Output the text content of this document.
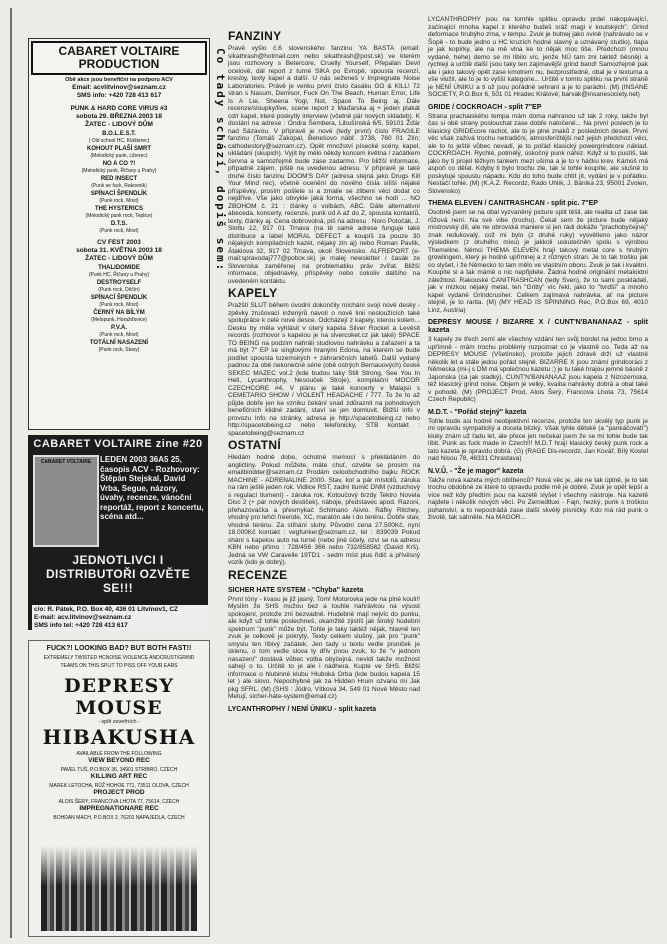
CABARET VOLTAIRE PRODUCTION
Obě akce jsou benefiční na podporu ACV
Email: acvlitvinov@seznam.cz
SMS info: +420 728 413 617
PUNK & HARD CORE VIRUS #3
sobota 29. BŘEZNA 2003 18
ŽATEC - LIDOVÝ DŮM
B.O.L.E.S.T.
( Old school HC, Klášterec)
KOHOUT PLAŠÍ SMRT
(Melodický punk, Liberec)
NO A CO ?!
(Melodický punk, Říčany u Prahy)
RED INSECT
(Punk se fuck, Rakovník)
SPÍNACÍ ŠPENDLÍK
(Punk rock, Most)
THE HYSTERICS
(Melodický punk rock, Teplice)
D.T.S.
(Punk rock, Most)
CV FEST 2003
sobota 31. KVĚTNA 2003 18
ŽATEC - LIDOVÝ DŮM
THALIDOMIDE
(Punk HC, Říčany u Prahy)
DESTROYSELF
(Punk rock, Děčín)
SPÍNACÍ ŠPENDLÍK
(Punk rock, Most)
ČERNÝ NA BÍLÝM
(Melopunk, Horažďovice)
P.V.A.
(Punk rock, Most)
TOTÁLNÍ NASAZENÍ
(Punk rock, Stavy)
CABARET VOLTAIRE zine #20
CABARET VOLTAIRE	LEDEN 2003 36A5 25, časopis ACV - Rozhovory: Štěpán Stejskal, David Vrba, Segue, názory, úvahy, recenze, vánoční reportáž, report z koncertu, scéna atd...
JEDNOTLIVCI I DISTRIBUTOŘI OZVĚTE SE!!!
c/o: R. Pátek, P.O. Box 40, 436 01 Litvínov1, CZ
E-mail: acv.litvinov@seznam.cz
SMS info tel: +420 728 413 617
FUCK?! LOOKING BAD? BUT BOTH FAST!!
EXTREMELY TWISTED HCNOISE VIOLENCE ANDCRUST/GRIND
TEAMS ON THIS SPLIT TO PISS OFF YOUR EARS
DEPRESY MOUSE
- split zeveřních -
HIBAKUSHA
AVAILABLE FROM THE FOLLOWING
VIEW BEYOND REC
PAVEL TUŠ, P.O.BOX 36, 34901 STRIBRO, CZECH
KILLING ART REC
MAREK LETOCHA, RŮŽ HOHOE 771, 73511 OLDVA, CZECH
PROJECT PROD
ALOIS ŠERÝ, FRANCOVA LHOTA 77, 75614, CZECH
IMPREGNATIONARE REC
BOHDAN MACH, P.O.BOX 2, 76201 NAPAJEDLA, CZECH
Co tady schází, dopiš sem:
FANZINY

Pravě vyšlo č.6 slovenského fanzinu YA BASTA (email: sikathrash@hotmail.com nebo sikathrash@post.sk) ve kterém jsou rozhovory s Betercore, Cruelly Yourself, Přepalan Devil ocelově, dál report z turné SIKA po Evropě, spousta recenzí, kresby, texty kapel a další. U nás seženeš v Impregnate Noise Laboratories. Právě je venku první číslo časáku GO & KILL! 72 stran s Nasum, Demisor, Fuck On The Beach, Human Error, Life Is A Lie, Sheena Yogi, Not, Space To Being aj. Dále recenze/sloupky/live, scene report z Maďarska aj + jeden plakát cd/r kapel, které poskytly interview (včetně pár nových skladeb). K dostání na adrese : Ondra Šembera, Libušínská 6/5, 59101 Žďár nad Sázavou. V přípravě je nové (tedy první) číslo FRAGILE fanzinu (Tomáš Zakopal, Benešovo nábř. 3738, 760 01 Zlín; cathodestory@seznam.cz). Opět množství písecké scény, kapel, ukládání (skupich). Vyjít by mělo někdy koncem května / začátkem června a samozřejmě bude zase zadarmo. Pro bližší informace, případně zájem, piště na uvedenou adresu. V přípravě je také druhé číslo fanzinu DOOM'S DAY (adresa stejná jako Drugs Kill Your Mind rec), včetně ocenění do nového čísla sílíší nějaké příspěvky, prosím pošlete si a zmaile se zlibení věci dodat co nejdříve. Vše jako obvykle jaká forma, všechno se hodí ... NO ZBOHOM č. 21 : články o volbách, ABC. Dále alternativní abeceda, koncerty, recenze, punk od A až do Z, spousta kontaktů, texty, články aj. Cena dobrovolná, piš na adresu : Noro Potočák, J. Slottu 12, 917 01 Trnava (na tě samé adrese funguje také distribuce a label MORAL DEFECT a koupíš za pouze 30 nějakých kompilačních kazet, nějaký zin aj) nebo Roman Pavlík, Átakiova 32, 917 02 Trnava, okolí Slovensko. ALFREPORT (e-mail:spravodaj777@pobox.sk) je malej newsletter / časák ze Slovenska zaměřenej na problematiku práv zvířat. Bližší informace, objednávky, příspěvky nebo cokoliv dalšího na uvedeném kontaktu.

KAPELY

Pražští SLUT během úvodní dokončily míchání svojí nové desky - zpěvky zrušovací inženýrů navolí o nové linii nesloužících také spolupráce k celé nové desce. Odcházejí z kapely, kterou kolem... Desku by měla vyhlásit v úterý kapela Silver Rocket a Levésit records (rozhovor s kapelou je na slvercoket.cz jak také) SPACE TO BEING na podzim nahráli studiovou nahrávku a zařazení a ta má být 7" EP se singlovými hranými Edona, na kterém se bude podílet spousta tuzemských + zahraničních labelů. Další vydaný padnou za obě nekonečné série (obě ostrých Bernauových) české SEKEC MAZEC vol.2 (kde budou taky Still Strong, See You In Hell, Lycanthrophy, Nesouček Stroje), kompilační MOCOR CZECHCORE #4, V plánu je také koncerty v Malajsii s CEMETARIO SHOW / VIOLENT HEADACHE / 777. To že to až půjde dobře jen ke vzniku čekání snad zdůraznit na pohodových benefičních klidné zadání, staví se jen domluvit. Bližší info v provozu Info na stránky, adresa je http://spacetobeing.cz nebo http://spacetobeing.cz nebo telefonicky, STB kontakt : spacetobeing@seznam.cz

OSTATNÍ

Hledám hodně dobe, ochotné memocí s překládáním do angličtiny. Pokud můžete, máte chuť, ozvěte se prosím na emailbindder@seznam.cz Prodám celoobchodního bajku ROCK MACHINE - ADRENALINE 2000. Stav, kol a pár místolů, záruka na rám ještě jeden rok. Vidlice RST, zadní tlumič DNM (vzduchový s regulací tlumení) - záruka rok. Kotoučový brzdy Tektro Novela Disc 2 (+ pár nových destiček), náboje, představec apod. Razoni, přehazovačka a přesmykač Schimano Alivio. Ráfky Ritchey, vhodný pro lehčí freeride, XC, maratón ale i do terénu. Dobře stav, vhodné terénu. Za stíhání sluhy. Původní cena 27.500Kč, nyní 18.000Kč kontakt : vegfunker@seznam.cz, tel : 839039 Pokud shání s kapelou auto na turné (nebo jiné účely, ozvi se na adresu KBN nebo přímo : 728/456 366 nebo 732/858562 (David Krš). Jedná se VW Caravelle 19TD1 - sedm míst plus řidič a přívěsný vozík (kdo je dobrý).

RECENZE
SICHER HATE SYSTEM - "Chyba" kazeta

První tóny - kvasu je již jasný, Tom! Motorovka jede na plné kouli!! Myslím že SHS mužou bez a touhle nahrávkou na výsost spokojení, protože zní bezvadně. Hudebně mají nejvíc do punku, ale když už tohle poslechneš, okamžitě zjistíš jak široký hudební spektrum "punk" může být. Tohle je taky taktéž nějak, hlavně ten zvuk je celkově je pokrytý, Texty celkem slušný, jak pro "punk" smyslu ten líbivý začátek. Jen tady u textu vedle písniček je sklenu, o tom vedle slova ty dřív pnou zvuk, to že "v jednom nasazení" dostává vůbec volba obyčejná, nevidí takže možnost sahejí o to. Určitě to je ale i nádhera. Kupte ve SHS. Bližší informace o hlubinné klubu Hluboká Orba (kde budou kapela 15 let ) ale slovo. Nepochybně jak za Hidden Hrum ozvanu mi Jak pkg SFRL. (M) (SHS : Jódro, Vítkova 34, 549 01 Nové Město nad Metují, sicher-hate-system@email.cz)

LYCANTHROPHY / NENÍ ÚNIKU - split kazeta

LYCANTHROPHY jsou na tomhle splitku opravdu prdel nakopávající, začínající mnoha kapel z kterého budeš sráž magi v koutských". Grind deformace hrubýho zrna, v tempu. Zvuk je hutnej jako svině (nahrávalo se v Šopě - to bude jedno u HC kruzích hodné slavný a uznávaný studio), tlapa je jak kopírky, ale na mě vlna ke to nějak moc tiše. Předchozí (mnou vydané, hehe) demo se mi líbilo víc, jenže NÚ tam zní taktéž běsnějí a rychleji a určitě další jsou taky ten zajímavější grind band! Samozřejmě pak ale i jako takový opět zase kmotrem nu, bezprostředně, obal je v textuma a vše vložil, ale to je to vyšší kategorie... Určitě v tomto splitku na první straně je NENÍ ÚNIKU a ti už jsou pořádně sehraní a je to parádní. (M) (INSANE SOCIETY, P.O.Box 6, 501 01 Hradec Králové; barvak@insanesociety.net)

GRIDE / COCKROACH - split 7"EP

Strana prachaiského tempa mám doma nahranou už tak 2 roky, takže byl čas si obě strany poslouchat zase dobře natočené... Na první poslech je to klasický GRIDEcore rachot, ale to je plné znaků z posledních desek. První věc však zažívá trochu netradiční, atmosferičtější než jejich předchozí věci, ale to to ještě vůbec nevadí, je to pořád klasický powergrindcore náklad. COCKROACH. Rychlé, potmělý, úskočný punk nářez. Když si to pustíš, tak jako by ti projel těžkým tankem mezi ušima a je to v háčku krev. Kámoš má aspoň co dělat. Kdyby ti bylo trochu zle, tak si tohle koupíte, ale slušně to poskytuje spoustu nápadu. Kdo do toho bude chtít jít, vydání je v pořádku. Nestačí tohle. (M) (K.A.Z. Recordz, Rado Uhlík, J. Bánika 23, 95001 Zvolen, Slovensko)

THEMA ELEVEN / CANITRASHCAN - split pic. 7"EP

Osobně jsem se na obal vyzvaněný picture split těšil, ale realita už zase tak růžová není. Na své vibe (trochu). Čekal sem že picture bude nějaký mistrovský díl, ale ne obrovská maniere si jen rádi dokáže "prachobyčejnej" znak redukovalý, což mi bylo (z druhé ruky) vysvětleno jako názor výsledkem (z druhého mixu) je jakkoli uskutečněn spolu s výrobou Themeline. Němci THEMA ELEVEN hrají takový metal core s hrubým growlingem, který je hodně upřímnej a z různých stran. Je to tak trošku jak co slyšet, i že Německo to tam mělo ve vlastním oboru. Zvuk je tak i kvalitní. Koupíte si a tak mámě o nic nepřijdete. Žádná hodně originální metaloidní záležitost. Rakouské CANITRASHCAN (tedy Sven), že to sami poskládali, jak v mizkou nějaký metal, ten "Gritty" víc řekl, jako to "tvrdší" a mnoho kapel vydané Grindcrusher. Celkem zajímavá nahrávka, ať na picture stejně, je to rarita. (M) (MY HEAD IS SPINNING Rec, P.O.Box 69, 4010 Linz, Austria)

DEPRESY MOUSE / BIZARRE X / CUNT'N'BANANAAZ - split kazeta

3 kapely ze třech zemí ale všechny vzdání ten svůj bordel na jedno brno a upřímně - mám trochu problémy rozpoznat co je vlastně co. Teda až na DEPRESY MOUSE (Všetínsko), protože jejich zdravě drží už vlastně několik let a stále jedou pořád stejně. BIZARRE X jsou známí grindcoráci z Německa (mi-j s DM má společnou kazetu ;) je tu také hrajou jemné básně z Japonska (ca jak sladký), CUNT'N'BANANAAZ jsou kapela z Nizozemska, též klasický grind noise. Objem je velký, kvalita nahrávky dobrá a obal také v pohodě. (M) (PROJECT Prod, Alois Šerý, Francova Lhota 73, 75614 Czech Republic)

M.D.T. - "Pořád stejný" kazeta

Tohle bude asi hodně neobjektivní recenze, protože ten skvělý typ punk je mi opravdu sympatický a docela blízký. Však tyhle dětské (a "pankáčovatí") kluky znám už řadu let, ale přece jen nečekal jsem že se mi tohle bude tak líbit. Punk as fuck made in Czech!!! M.D.T hrají klasický český punk rock a tato kazeta je opravdu dobrá. (G) (RAGE Dis-recordz, Jan Kovář, Bílý Kostel nad Nisou 78, 46331 Chrastava)

N.V.Ů. - "Že je magor" kazeta

Takže nová kazeta mých oblíbenců? Nová věc je, ale ne tak úplně, je to tak trochu obdobné ze které to opravdu podle mě je dobré. Zvuk je opět lepší a více než kdy předtím jsou na kazetě slyšet i všechny nástroje. Na kazetě najdete i několik nových věcí. Po Zemedtluxi - Fajn, hezký, punk s troškou pohanství, a to nepostrádá zase další skvělý písničky. Kdo má rád punk o životě, tak sáhněte. Na MAGOR...
